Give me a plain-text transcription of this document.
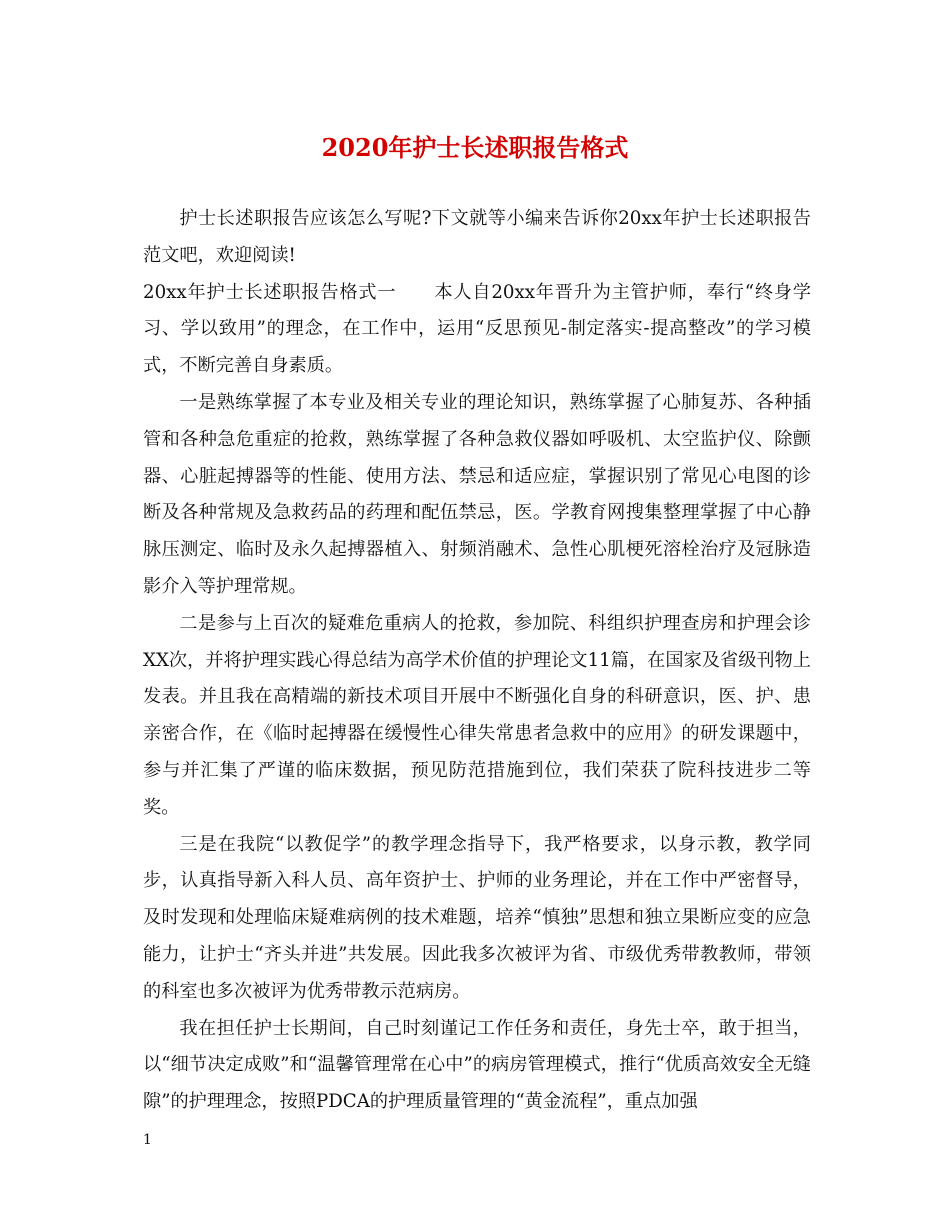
2020年护士长述职报告格式

护士长述职报告应该怎么写呢?下文就等小编来告诉你20xx年护士长述职报告范文吧，欢迎阅读!

20xx年护士长述职报告格式一　　本人自20xx年晋升为主管护师，奉行“终身学习、学以致用”的理念，在工作中，运用“反思预见-制定落实-提高整改”的学习模式，不断完善自身素质。

一是熟练掌握了本专业及相关专业的理论知识，熟练掌握了心肺复苏、各种插管和各种急危重症的抢救，熟练掌握了各种急救仪器如呼吸机、太空监护仪、除颤器、心脏起搏器等的性能、使用方法、禁忌和适应症，掌握识别了常见心电图的诊断及各种常规及急救药品的药理和配伍禁忌，医。学教育网搜集整理掌握了中心静脉压测定、临时及永久起搏器植入、射频消融术、急性心肌梗死溶栓治疗及冠脉造影介入等护理常规。

二是参与上百次的疑难危重病人的抢救，参加院、科组织护理查房和护理会诊XX次，并将护理实践心得总结为高学术价值的护理论文11篇，在国家及省级刊物上发表。并且我在高精端的新技术项目开展中不断强化自身的科研意识，医、护、患亲密合作，在《临时起搏器在缓慢性心律失常患者急救中的应用》的研发课题中，参与并汇集了严谨的临床数据，预见防范措施到位，我们荣获了院科技进步二等奖。

三是在我院“以教促学”的教学理念指导下，我严格要求，以身示教，教学同步，认真指导新入科人员、高年资护士、护师的业务理论，并在工作中严密督导，及时发现和处理临床疑难病例的技术难题，培养“慎独”思想和独立果断应变的应急能力，让护士“齐头并进”共发展。因此我多次被评为省、市级优秀带教教师，带领的科室也多次被评为优秀带教示范病房。

我在担任护士长期间，自己时刻谨记工作任务和责任，身先士卒，敢于担当，以“细节决定成败”和“温馨管理常在心中”的病房管理模式，推行“优质高效安全无缝隙”的护理理念，按照PDCA的护理质量管理的“黄金流程”，重点加强

1
